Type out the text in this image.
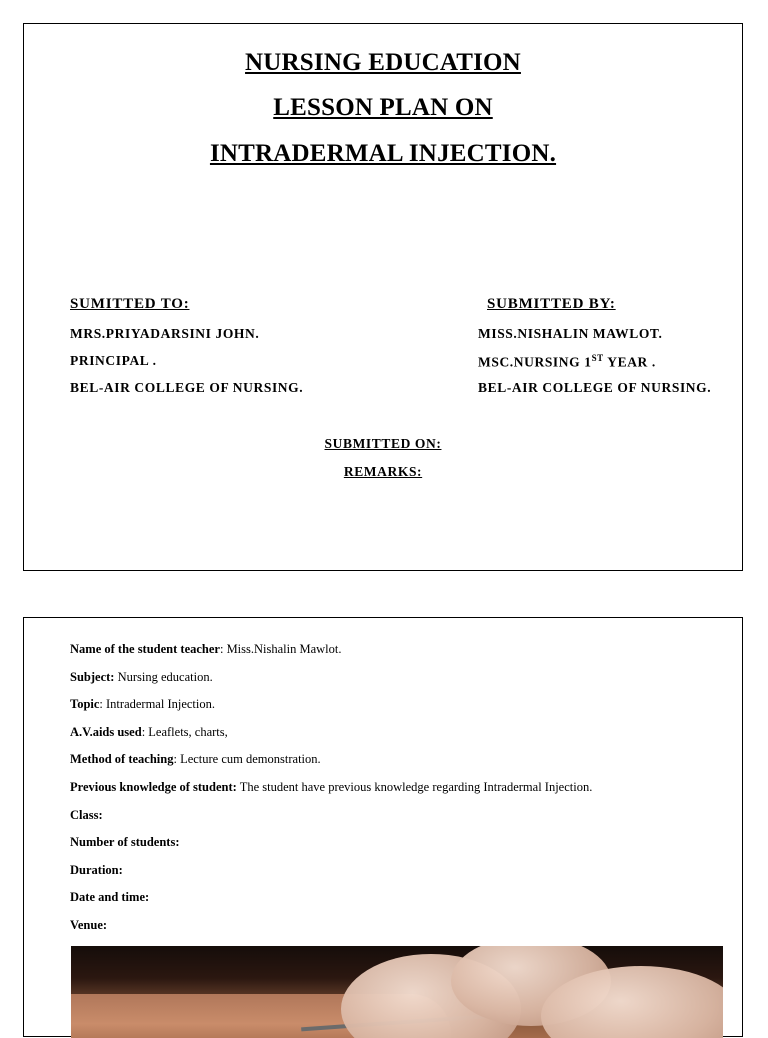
NURSING EDUCATION
LESSON PLAN ON
INTRADERMAL INJECTION.
SUMITTED TO:
MRS.PRIYADARSINI JOHN.
PRINCIPAL .
BEL-AIR COLLEGE OF NURSING.
SUBMITTED BY:
MISS.NISHALIN MAWLOT.
MSC.NURSING 1ST YEAR .
BEL-AIR COLLEGE OF NURSING.
SUBMITTED ON:
REMARKS:
Name of the student teacher: Miss.Nishalin Mawlot.
Subject: Nursing education.
Topic: Intradermal Injection.
A.V.aids used: Leaflets, charts,
Method of teaching: Lecture cum demonstration.
Previous knowledge of student: The student have previous knowledge regarding Intradermal Injection.
Class:
Number of students:
Duration:
Date and time:
Venue:
